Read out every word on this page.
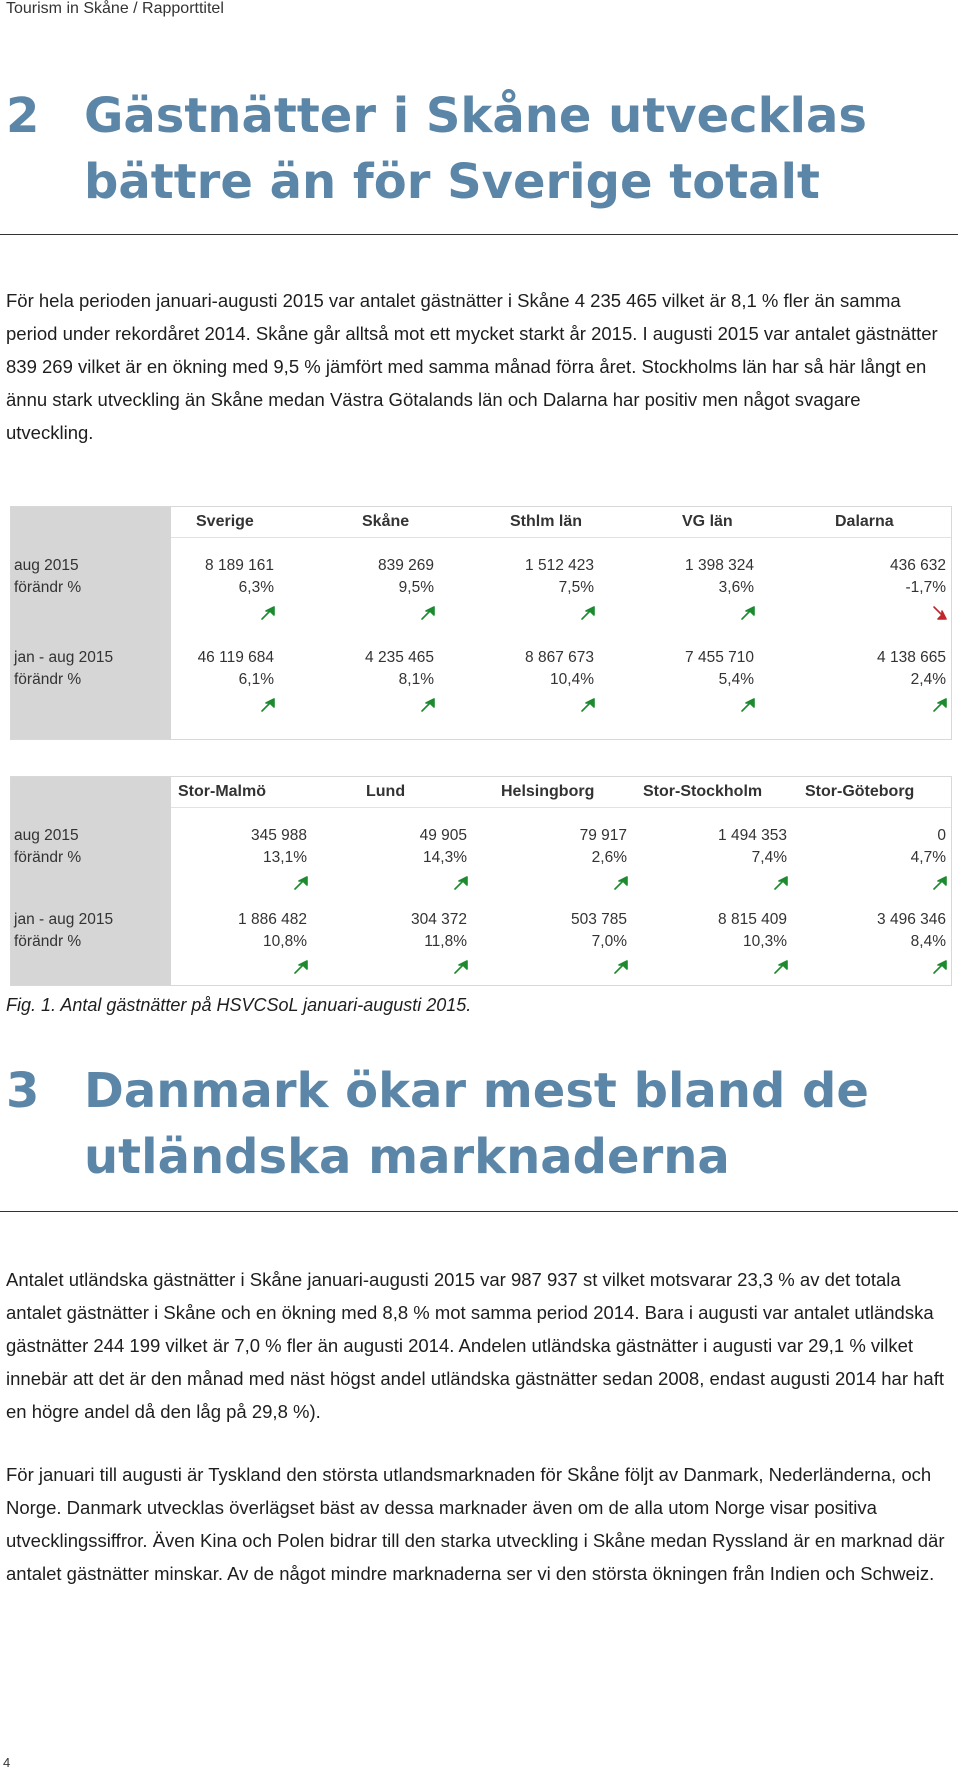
Tourism in Skåne / Rapporttitel
2 Gästnätter i Skåne utvecklas bättre än för Sverige totalt
För hela perioden januari-augusti 2015 var antalet gästnätter i Skåne 4 235 465 vilket är 8,1 % fler än samma period under rekordåret 2014. Skåne går alltså mot ett mycket starkt år 2015. I augusti 2015 var antalet gästnätter 839 269 vilket är en ökning med 9,5 % jämfört med samma månad förra året. Stockholms län har så här långt en ännu stark utveckling än Skåne medan Västra Götalands län och Dalarna har positiv men något svagare utveckling.
aug 2015
förändr %
jan - aug 2015
förändr %
Sverige
8 189 161
6,3%
46 119 684
6,1%
Skåne
839 269
9,5%
4 235 465
8,1%
Sthlm län
1 512 423
7,5%
8 867 673
10,4%
VG län
1 398 324
3,6%
7 455 710
5,4%
Dalarna
436 632
-1,7%
4 138 665
2,4%
aug 2015
förändr %
jan - aug 2015
förändr %
Stor-Malmö
345 988
13,1%
1 886 482
10,8%
Lund
49 905
14,3%
304 372
11,8%
Helsingborg
79 917
2,6%
503 785
7,0%
Stor-Stockholm
1 494 353
7,4%
8 815 409
10,3%
Stor-Göteborg
0
4,7%
3 496 346
8,4%
Fig. 1. Antal gästnätter på HSVCSoL januari-augusti 2015.
3 Danmark ökar mest bland de utländska marknaderna
Antalet utländska gästnätter i Skåne januari-augusti 2015 var 987 937 st vilket motsvarar 23,3 % av det totala antalet gästnätter i Skåne och en ökning med 8,8 % mot samma period 2014. Bara i augusti var antalet utländska gästnätter 244 199 vilket är 7,0 % fler än augusti 2014. Andelen utländska gästnätter i augusti var 29,1 % vilket innebär att det är den månad med näst högst andel utländska gästnätter sedan 2008, endast augusti 2014 har haft en högre andel då den låg på 29,8 %).
För januari till augusti är Tyskland den största utlandsmarknaden för Skåne följt av Danmark, Nederländerna, och Norge. Danmark utvecklas överlägset bäst av dessa marknader även om de alla utom Norge visar positiva utvecklingssiffror. Även Kina och Polen bidrar till den starka utveckling i Skåne medan Ryssland är en marknad där antalet gästnätter minskar. Av de något mindre marknaderna ser vi den största ökningen från Indien och Schweiz.
4
